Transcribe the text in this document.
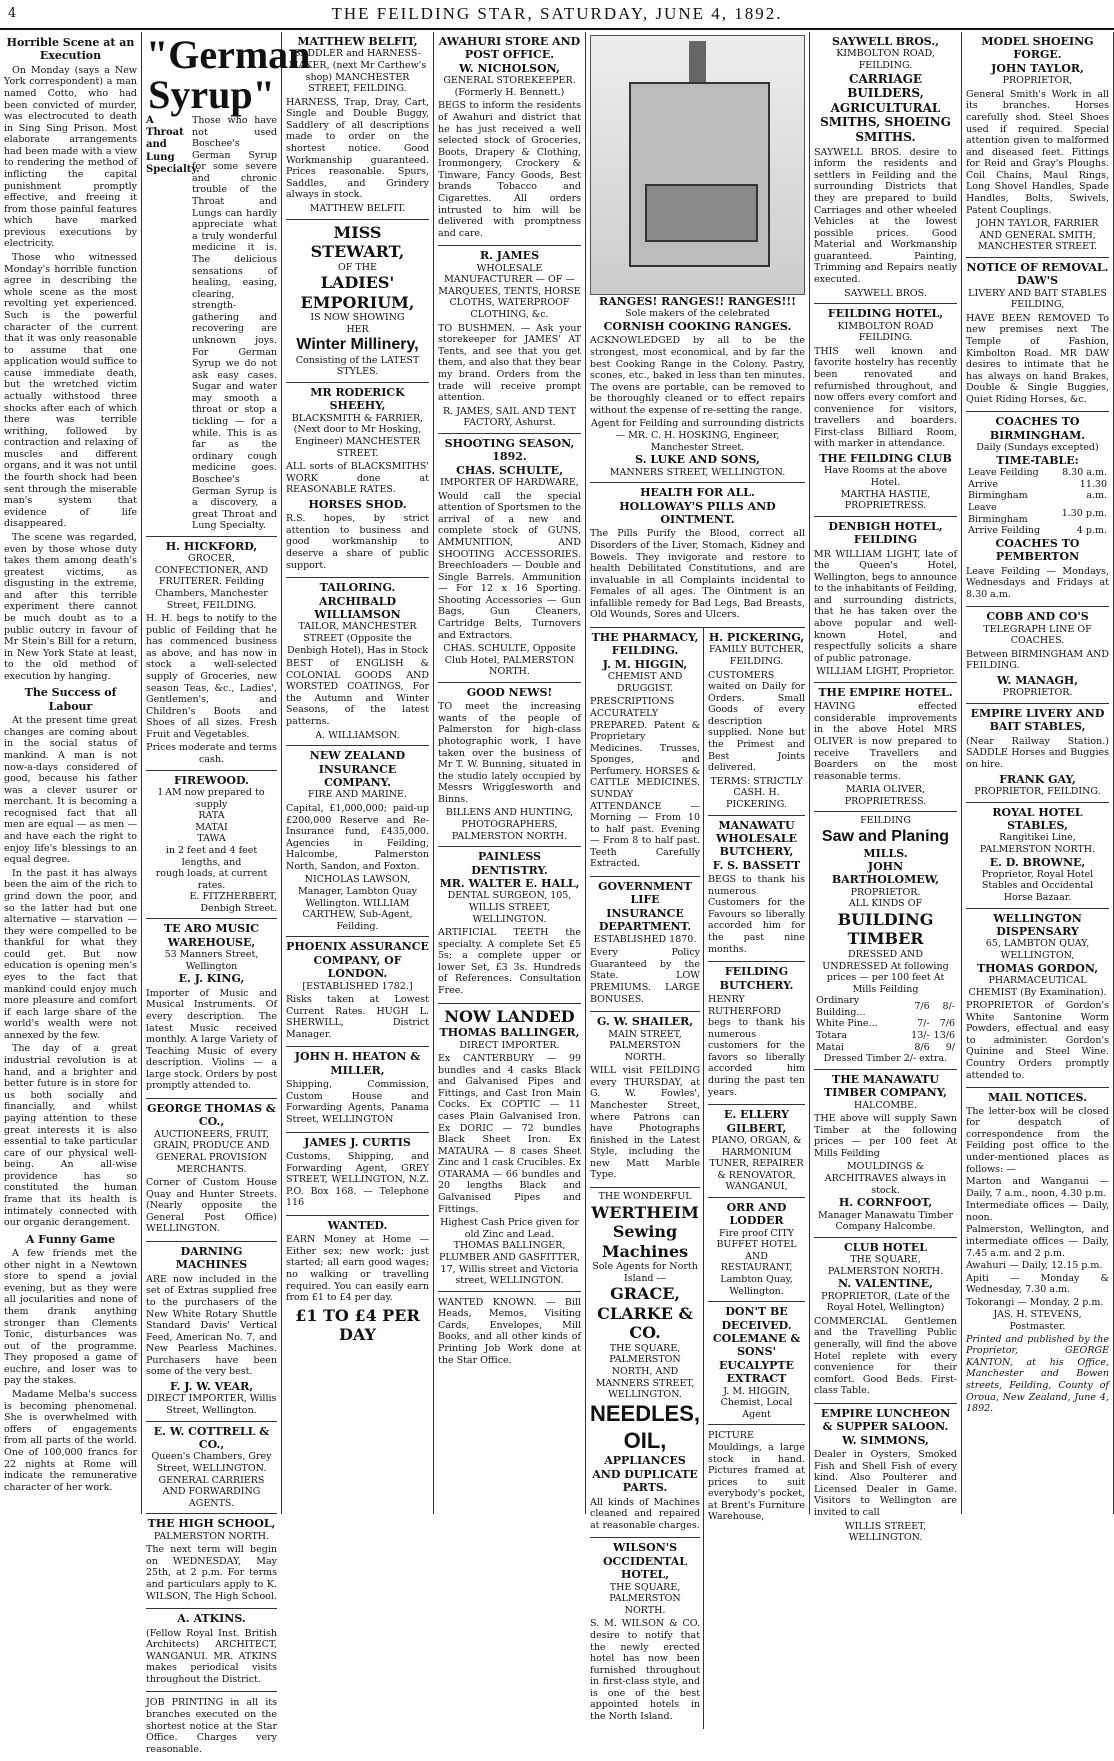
4	THE FEILDING STAR, SATURDAY, JUNE 4, 1892.
Horrible Scene at an Execution

On Monday (says a New York correspondent) a man named Cotto, who had been convicted of murder, was electrocuted to death in Sing Sing Prison. Most elaborate arrangements had been made with a view to rendering the method of inflicting the capital punishment promptly effective, and freeing it from those painful features which have marked previous executions by electricity.

Those who witnessed Monday's horrible function agree in describing the whole scene as the most revolting yet experienced. Such is the powerful character of the current that it was only reasonable to assume that one application would suffice to cause immediate death, but the wretched victim actually withstood three shocks after each of which there was terrible writhing, followed by contraction and relaxing of muscles and different organs, and it was not until the fourth shock had been sent through the miserable man's system that evidence of life disappeared.

The scene was regarded, even by those whose duty takes them among death's greatest victims, as disgusting in the extreme, and after this terrible experiment there cannot be much doubt as to a public outcry in favour of Mr Stein's Bill for a return, in New York State at least, to the old method of execution by hanging.

The Success of Labour

At the present time great changes are coming about in the social status of mankind. A man is not now-a-days considered of good, because his father was a clever usurer or merchant. It is becoming a recognised fact that all men are equal — as men — and have each the right to enjoy life's blessings to an equal degree.

In the past it has always been the aim of the rich to grind down the poor, and so the latter had but one alternative — starvation — they were compelled to be thankful for what they could get. But now education is opening men's eyes to the fact that mankind could enjoy much more pleasure and comfort if each large share of the world's wealth were not annexed by the few.

The day of a great industrial revolution is at hand, and a brighter and better future is in store for us both socially and financially, and whilst paying attention to these great interests it is also essential to take particular care of our physical well-being. An all-wise providence has so constituted the human frame that its health is intimately connected with our organic derangement.

A Funny Game

A few friends met the other night in a Newtown store to spend a jovial evening, but as they were all jocularities and none of them drank anything stronger than Clements Tonic, disturbances was out of the programme. They proposed a game of euchre, and loser was to pay the stakes.

Madame Melba's success is becoming phenomenal. She is overwhelmed with offers of engagements from all parts of the world. One of 100,000 francs for 22 nights at Rome will indicate the remunerative character of her work.

"German Syrup"
A Throat and Lung Specialty.
Those who have not used Boschee's German Syrup for some severe and chronic trouble of the Throat and Lungs can hardly appreciate what a truly wonderful medicine it is. The delicious sensations of healing, easing, clearing, strength-gathering and recovering are unknown joys. For German Syrup we do not ask easy cases. Sugar and water may smooth a throat or stop a tickling — for a while. This is as far as the ordinary cough medicine goes. Boschee's German Syrup is a discovery, a great Throat and Lung Specialty.
H. HICKFORD,
GROCER, CONFECTIONER, AND FRUITERER. Feilding Chambers, Manchester Street, FEILDING.

H. H. begs to notify to the public of Feilding that he has commenced business as above, and has now in stock a well-selected supply of Groceries, new season Teas, &c., Ladies', Gentlemen's, and Children's Boots and Shoes of all sizes. Fresh Fruit and Vegetables.

Prices moderate and terms cash.
FIREWOOD.
I AM now prepared to supply
RATA
MATAI
TAWA
in 2 feet and 4 feet lengths, and
rough loads, at current rates.
E. FITZHERBERT, Denbigh Street.
TE ARO MUSIC WAREHOUSE,
53 Manners Street, Wellington
E. J. KING,

Importer of Music and Musical Instruments. Of every description. The latest Music received monthly. A large Variety of Teaching Music of every description. Violins — a large stock. Orders by post promptly attended to.

GEORGE THOMAS & CO.,
AUCTIONEERS, FRUIT, GRAIN, PRODUCE AND GENERAL PROVISION MERCHANTS.

Corner of Custom House Quay and Hunter Streets. (Nearly opposite the General Post Office) WELLINGTON.

DARNING MACHINES

ARE now included in the set of Extras supplied free to the purchasers of the New White Rotary Shuttle Standard Davis' Vertical Feed, American No. 7, and New Pearless Machines. Purchasers have been some of the very best.

F. J. W. VEAR,
DIRECT IMPORTER, Willis Street, Wellington.
E. W. COTTRELL & CO.,
Queen's Chambers, Grey Street, WELLINGTON. GENERAL CARRIERS AND FORWARDING AGENTS.
THE HIGH SCHOOL,
PALMERSTON NORTH.

The next term will begin on WEDNESDAY, May 25th, at 2 p.m. For terms and particulars apply to K. WILSON, The High School.

A. ATKINS.

(Fellow Royal Inst. British Architects) ARCHITECT, WANGANUI. MR. ATKINS makes periodical visits throughout the District.

JOB PRINTING in all its branches executed on the shortest notice at the Star Office. Charges very reasonable.

MATTHEW BELFIT,
SADDLER and HARNESS-MAKER, (next Mr Carthew's shop) MANCHESTER STREET, FEILDING.

HARNESS, Trap, Dray, Cart, Single and Double Buggy, Saddlery of all descriptions made to order on the shortest notice. Good Workmanship guaranteed. Prices reasonable. Spurs, Saddles, and Grindery always in stock.

MATTHEW BELFIT.
MISS STEWART,
OF THE
LADIES' EMPORIUM,
IS NOW SHOWING
HER
Winter Millinery,
Consisting of the LATEST STYLES.
MR RODERICK SHEEHY,
BLACKSMITH & FARRIER, (Next door to Mr Hosking, Engineer) MANCHESTER STREET.

ALL sorts of BLACKSMITHS' WORK done at REASONABLE RATES.

HORSES SHOD.

R.S. hopes, by strict attention to business and good workmanship to deserve a share of public support.

TAILORING.
ARCHIBALD WILLIAMSON
TAILOR, MANCHESTER STREET (Opposite the Denbigh Hotel), Has in Stock

BEST of ENGLISH & COLONIAL GOODS AND WORSTED COATINGS, For the Autumn and Winter Seasons, of the latest patterns.

A. WILLIAMSON.
NEW ZEALAND INSURANCE COMPANY.
FIRE AND MARINE.

Capital, £1,000,000; paid-up £200,000 Reserve and Re-Insurance fund, £435,000. Agencies in Feilding, Halcombe, Palmerston North, Sandon, and Foxton.

NICHOLAS LAWSON, Manager, Lambton Quay Wellington. WILLIAM CARTHEW, Sub-Agent, Feilding.
PHOENIX ASSURANCE COMPANY, OF LONDON.
[ESTABLISHED 1782.]

Risks taken at Lowest Current Rates. HUGH L. SHERWILL, District Manager.

JOHN H. HEATON & MILLER,

Shipping, Commission, Custom House and Forwarding Agents, Panama Street, WELLINGTON

JAMES J. CURTIS

Customs, Shipping, and Forwarding Agent, GREY STREET, WELLINGTON, N.Z. P.O. Box 168. — Telephone 116

WANTED.

EARN Money at Home — Either sex; new work; just started; all earn good wages; no walking or travelling required. You can easily earn from £1 to £4 per day.

£1 TO £4 PER DAY
AWAHURI STORE AND POST OFFICE.
W. NICHOLSON,
GENERAL STOREKEEPER. (Formerly H. Bennett.)

BEGS to inform the residents of Awahuri and district that he has just received a well selected stock of Groceries, Boots, Drapery & Clothing, Ironmongery, Crockery & Tinware, Fancy Goods, Best brands Tobacco and Cigarettes. All orders intrusted to him will be delivered with promptness and care.

R. JAMES
WHOLESALE MANUFACTURER — OF — MARQUEES, TENTS, HORSE CLOTHS, WATERPROOF CLOTHING, &c.

TO BUSHMEN. — Ask your storekeeper for JAMES' AT Tents, and see that you get them, and also that they bear my brand. Orders from the trade will receive prompt attention.

R. JAMES, SAIL AND TENT FACTORY, Ashurst.
SHOOTING SEASON, 1892.
CHAS. SCHULTE,
IMPORTER OF HARDWARE,

Would call the special attention of Sportsmen to the arrival of a new and complete stock of GUNS, AMMUNITION, AND SHOOTING ACCESSORIES. Breechloaders — Double and Single Barrels. Ammunition — For 12 x 16 Sporting. Shooting Accessories — Gun Bags, Gun Cleaners, Cartridge Belts, Turnovers and Extractors.

CHAS. SCHULTE, Opposite Club Hotel, PALMERSTON NORTH.
GOOD NEWS!

TO meet the increasing wants of the people of Palmerston for high-class photographic work, I have taken over the business of Mr T. W. Bunning, situated in the studio lately occupied by Messrs Wrigglesworth and Binns.

BILLENS AND HUNTING, PHOTOGRAPHERS, PALMERSTON NORTH.
PAINLESS DENTISTRY.
MR. WALTER E. HALL,
DENTAL SURGEON, 105, WILLIS STREET, WELLINGTON.

ARTIFICIAL TEETH the specialty. A complete Set £5 5s; a complete upper or lower Set, £3 3s. Hundreds of References. Consultation Free.

NOW LANDED
THOMAS BALLINGER,
DIRECT IMPORTER.

Ex CANTERBURY — 99 bundles and 4 casks Black and Galvanised Pipes and Fittings, and Cast Iron Main Cocks. Ex COPTIC — 11 cases Plain Galvanised Iron. Ex DORIC — 72 bundles Black Sheet Iron. Ex MATAURA — 8 cases Sheet Zinc and 1 cask Crucibles. Ex OTARAMA — 66 bundles and 20 lengths Black and Galvanised Pipes and Fittings.

Highest Cash Price given for old Zinc and Lead.
THOMAS BALLINGER, PLUMBER AND GASFITTER, 17, Willis street and Victoria street, WELLINGTON.

WANTED KNOWN. — Bill Heads, Memos, Visiting Cards, Envelopes, Mill Books, and all other kinds of Printing Job Work done at the Star Office.

RANGES! RANGES!! RANGES!!!
Sole makers of the celebrated
CORNISH COOKING RANGES.

ACKNOWLEDGED by all to be the strongest, most economical, and by far the best Cooking Range in the Colony. Pastry, scones, etc., baked in less than ten minutes. The ovens are portable, can be removed to be thoroughly cleaned or to effect repairs without the expense of re-setting the range.

Agent for Feilding and surrounding districts — MR. C. H. HOSKING, Engineer, Manchester Street.
S. LUKE AND SONS,
MANNERS STREET, WELLINGTON.
HEALTH FOR ALL.
HOLLOWAY'S PILLS AND OINTMENT.

The Pills Purify the Blood, correct all Disorders of the Liver, Stomach, Kidney and Bowels. They invigorate and restore to health Debilitated Constitutions, and are invaluable in all Complaints incidental to Females of all ages. The Ointment is an infallible remedy for Bad Legs, Bad Breasts, Old Wounds, Sores and Ulcers.

THE PHARMACY, FEILDING.
J. M. HIGGIN,
CHEMIST AND DRUGGIST.

PRESCRIPTIONS ACCURATELY PREPARED. Patent & Proprietary Medicines. Trusses, Sponges, and Perfumery. HORSES & CATTLE MEDICINES. SUNDAY ATTENDANCE — Morning — From 10 to half past. Evening — From 8 to half past. Teeth Carefully Extracted.

GOVERNMENT LIFE INSURANCE DEPARTMENT.
ESTABLISHED 1870.

Every Policy Guaranteed by the State. LOW PREMIUMS. LARGE BONUSES.

G. W. SHAILER,
MAIN STREET, PALMERSTON NORTH.

WILL visit FEILDING every THURSDAY, at G. W. Fowles', Manchester Street, where Patrons can have Photographs finished in the Latest Style, including the new Matt Marble Type.

THE WONDERFUL
WERTHEIM
Sewing Machines
Sole Agents for North Island —
GRACE, CLARKE & CO.
THE SQUARE, PALMERSTON NORTH, AND MANNERS STREET, WELLINGTON.
NEEDLES, OIL,
APPLIANCES AND DUPLICATE PARTS.

All kinds of Machines cleaned and repaired at reasonable charges.

WILSON'S OCCIDENTAL HOTEL,
THE SQUARE, PALMERSTON NORTH.

S. M. WILSON & CO. desire to notify that the newly erected hotel has now been furnished throughout in first-class style, and is one of the best appointed hotels in the North Island.

H. PICKERING,
FAMILY BUTCHER, FEILDING.

CUSTOMERS waited on Daily for Orders. Small Goods of every description supplied. None but the Primest and Best Joints delivered.

TERMS: STRICTLY CASH. H. PICKERING.
MANAWATU WHOLESALE BUTCHERY,
F. S. BASSETT

BEGS to thank his numerous Customers for the Favours so liberally accorded him for the past nine months.

FEILDING BUTCHERY.

HENRY RUTHERFORD begs to thank his numerous customers for the favors so liberally accorded him during the past ten years.

E. ELLERY GILBERT,
PIANO, ORGAN, & HARMONIUM TUNER, REPAIRER & RENOVATOR, WANGANUI,
ORR AND LODDER
Fire proof CITY BUFFET HOTEL AND RESTAURANT, Lambton Quay, Wellington.
DON'T BE DECEIVED. COLEMANE & SONS' EUCALYPTE EXTRACT
J. M. HIGGIN, Chemist, Local Agent

PICTURE Mouldings, a large stock in hand. Pictures framed at prices to suit everybody's pocket, at Brent's Furniture Warehouse,

SAYWELL BROS.,
KIMBOLTON ROAD, FEILDING.
CARRIAGE BUILDERS, AGRICULTURAL SMITHS, SHOEING SMITHS.

SAYWELL BROS. desire to inform the residents and settlers in Feilding and the surrounding Districts that they are prepared to build Carriages and other wheeled Vehicles at the lowest possible prices. Good Material and Workmanship guaranteed. Painting, Trimming and Repairs neatly executed.

SAYWELL BROS.
FEILDING HOTEL,
KIMBOLTON ROAD FEILDING.

THIS well known and favorite hostelry has recently been renovated and refurnished throughout, and now offers every comfort and convenience for visitors, travellers and boarders. First-class Billiard Room, with marker in attendance.

THE FEILDING CLUB
Have Rooms at the above Hotel.
MARTHA HASTIE, PROPRIETRESS.
DENBIGH HOTEL, FEILDING

MR WILLIAM LIGHT, late of the Queen's Hotel, Wellington, begs to announce to the inhabitants of Feilding, and surrounding districts, that he has taken over the above popular and well-known Hotel, and respectfully solicits a share of public patronage.

WILLIAM LIGHT, Proprietor.
THE EMPIRE HOTEL.

HAVING effected considerable improvements in the above Hotel MRS OLIVER is now prepared to receive Travellers and Boarders on the most reasonable terms.

MARIA OLIVER, PROPRIETRESS.
FEILDING
Saw and Planing
MILLS.
JOHN BARTHOLOMEW,
PROPRIETOR.
ALL KINDS OF
BUILDING TIMBER
DRESSED AND UNDRESSED At following prices — per 100 feet At Mills Feilding
Ordinary Building...	7/6	8/-
White Pine...	7/-	7/6
Totara	13/-	13/6
Matai	8/6	9/
Dressed Timber 2/- extra.
THE MANAWATU TIMBER COMPANY,
HALCOMBE.

THE above will supply Sawn Timber at the following prices — per 100 feet At Mills Feilding

MOULDINGS & ARCHITRAVES always in stock.
H. CORNFOOT,
Manager Manawatu Timber Company Halcombe.
CLUB HOTEL
THE SQUARE, PALMERSTON NORTH.
N. VALENTINE,
PROPRIETOR, (Late of the Royal Hotel, Wellington)

COMMERCIAL Gentlemen and the Travelling Public generally, will find the above Hotel replete with every convenience for their comfort. Good Beds. First-class Table.

EMPIRE LUNCHEON & SUPPER SALOON.
W. SIMMONS,

Dealer in Oysters, Smoked Fish and Shell Fish of every kind. Also Poulterer and Licensed Dealer in Game. Visitors to Wellington are invited to call

WILLIS STREET, WELLINGTON.
MODEL SHOEING FORGE.
JOHN TAYLOR,
PROPRIETOR,

General Smith's Work in all its branches. Horses carefully shod. Steel Shoes used if required. Special attention given to malformed and diseased feet. Fittings for Reid and Gray's Ploughs. Coil Chains, Maul Rings, Long Shovel Handles, Spade Handles, Bolts, Swivels, Patent Couplings.

JOHN TAYLOR, FARRIER AND GENERAL SMITH, MANCHESTER STREET.
NOTICE OF REMOVAL.
DAW'S
LIVERY AND BAIT STABLES FEILDING,

HAVE BEEN REMOVED To new premises next The Temple of Fashion, Kimbolton Road. MR DAW desires to intimate that he has always on hand Brakes, Double & Single Buggies, Quiet Riding Horses, &c.

COACHES TO BIRMINGHAM.
Daily (Sundays excepted)
TIME-TABLE:
Leave Feilding	8.30 a.m.
Arrive Birmingham	11.30 a.m.
Leave Birmingham	1.30 p.m.
Arrive Feilding	4 p.m.
COACHES TO PEMBERTON

Leave Feilding — Mondays, Wednesdays and Fridays at 8.30 a.m.

COBB AND CO'S
TELEGRAPH LINE OF COACHES.

Between BIRMINGHAM AND FEILDING.

W. MANAGH,
PROPRIETOR.
EMPIRE LIVERY AND BAIT STABLES,

(Near Railway Station.) SADDLE Horses and Buggies on hire.

FRANK GAY,
PROPRIETOR, FEILDING.
ROYAL HOTEL STABLES,
Rangitikei Line, PALMERSTON NORTH.
E. D. BROWNE,
Proprietor, Royal Hotel Stables and Occidental Horse Bazaar.
WELLINGTON DISPENSARY
65, LAMBTON QUAY, WELLINGTON,
THOMAS GORDON,
PHARMACEUTICAL CHEMIST (By Examination).

PROPRIETOR of Gordon's White Santonine Worm Powders, effectual and easy to administer. Gordon's Quinine and Steel Wine. Country Orders promptly attended to.

MAIL NOTICES.

The letter-box will be closed for despatch of correspondence from the Feilding post office to the under-mentioned places as follows: —

Marton and Wanganui — Daily, 7 a.m., noon, 4.30 p.m.

Intermediate offices — Daily, noon.

Palmerston, Wellington, and intermediate offices — Daily, 7.45 a.m. and 2 p.m.

Awahuri — Daily, 12.15 p.m.

Apiti — Monday & Wednesday, 7.30 a.m.

Tokorangi — Monday, 2 p.m.

JAS. H. STEVENS, Postmaster.

Printed and published by the Proprietor, GEORGE KANTON, at his Office, Manchester and Bowen streets, Feilding, County of Oroua, New Zealand, June 4, 1892.
